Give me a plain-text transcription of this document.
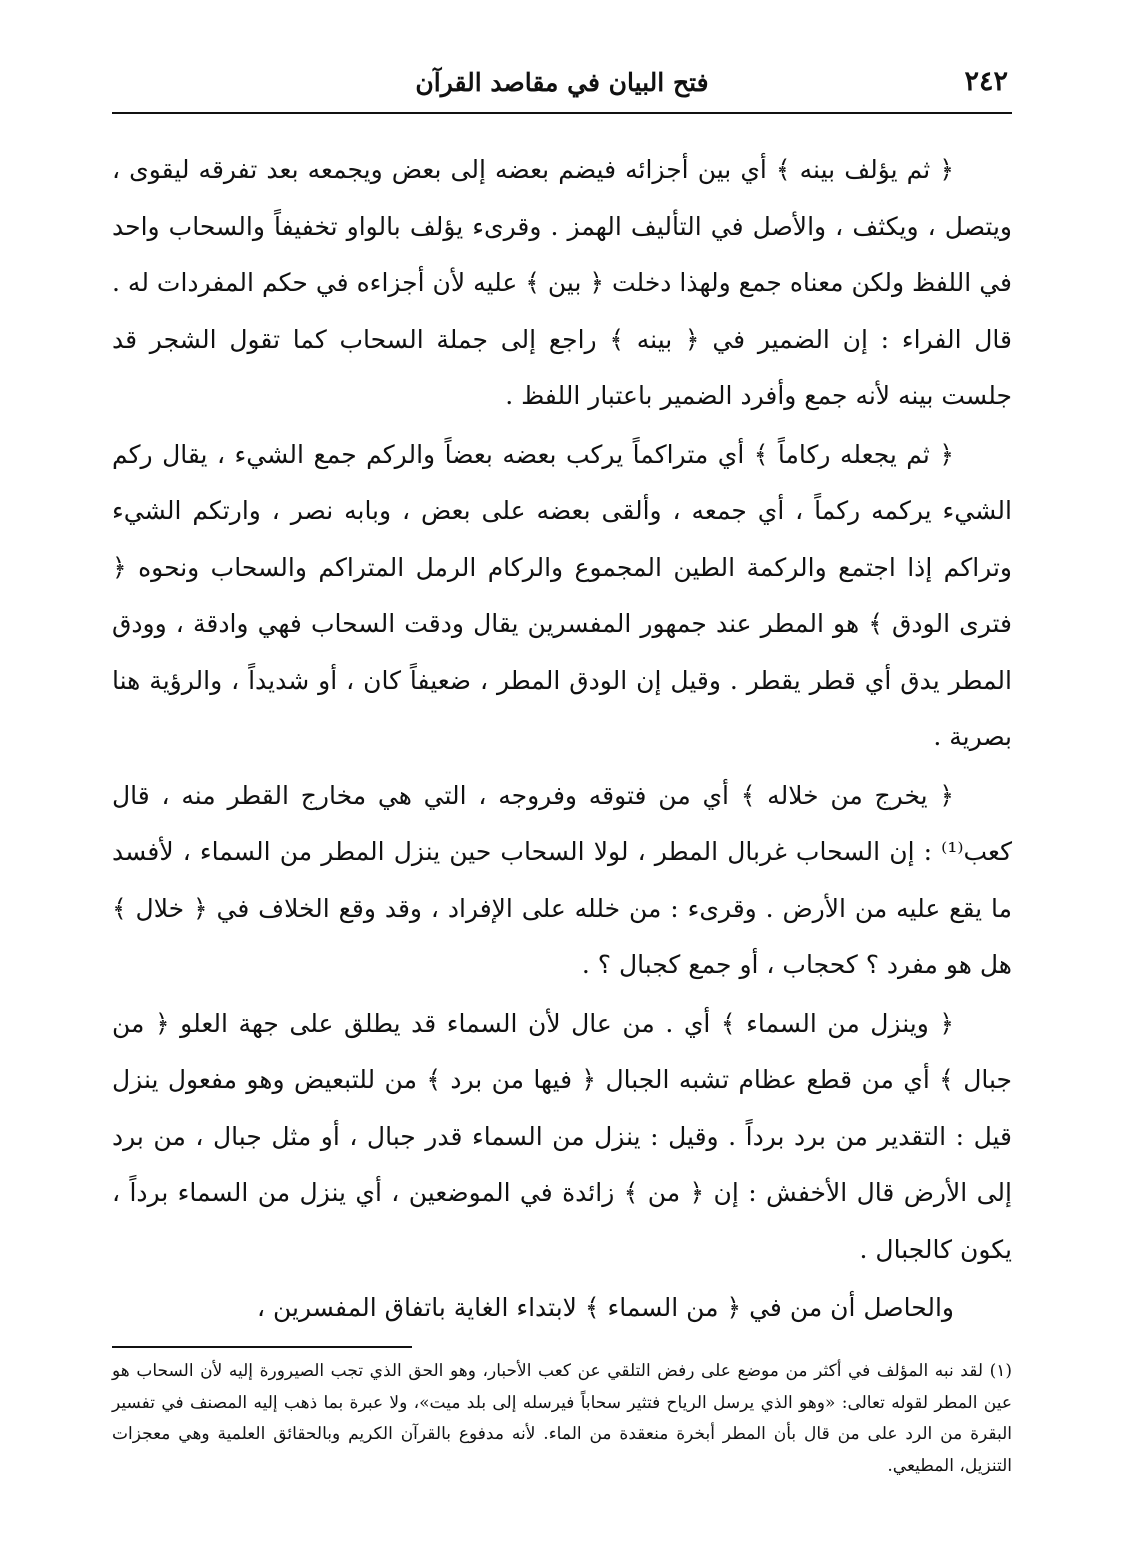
٢٤٢
فتح البيان في مقاصد القرآن

﴿ ثم يؤلف بينه ﴾ أي بين أجزائه فيضم بعضه إلى بعض ويجمعه بعد تفرقه ليقوى ، ويتصل ، ويكثف ، والأصل في التأليف الهمز . وقرىء يؤلف بالواو تخفيفاً والسحاب واحد في اللفظ ولكن معناه جمع ولهذا دخلت ﴿ بين ﴾ عليه لأن أجزاءه في حكم المفردات له . قال الفراء : إن الضمير في ﴿ بينه ﴾ راجع إلى جملة السحاب كما تقول الشجر قد جلست بينه لأنه جمع وأفرد الضمير باعتبار اللفظ .

﴿ ثم يجعله ركاماً ﴾ أي متراكماً يركب بعضه بعضاً والركم جمع الشيء ، يقال ركم الشيء يركمه ركماً ، أي جمعه ، وألقى بعضه على بعض ، وبابه نصر ، وارتكم الشيء وتراكم إذا اجتمع والركمة الطين المجموع والركام الرمل المتراكم والسحاب ونحوه ﴿ فترى الودق ﴾ هو المطر عند جمهور المفسرين يقال ودقت السحاب فهي وادقة ، وودق المطر يدق أي قطر يقطر . وقيل إن الودق المطر ، ضعيفاً كان ، أو شديداً ، والرؤية هنا بصرية .

﴿ يخرج من خلاله ﴾ أي من فتوقه وفروجه ، التي هي مخارج القطر منه ، قال كعب⁽¹⁾ : إن السحاب غربال المطر ، لولا السحاب حين ينزل المطر من السماء ، لأفسد ما يقع عليه من الأرض . وقرىء : من خلله على الإفراد ، وقد وقع الخلاف في ﴿ خلال ﴾ هل هو مفرد ؟ كحجاب ، أو جمع كجبال ؟ .

﴿ وينزل من السماء ﴾ أي . من عال لأن السماء قد يطلق على جهة العلو ﴿ من جبال ﴾ أي من قطع عظام تشبه الجبال ﴿ فيها من برد ﴾ من للتبعيض وهو مفعول ينزل قيل : التقدير من برد برداً . وقيل : ينزل من السماء قدر جبال ، أو مثل جبال ، من برد إلى الأرض قال الأخفش : إن ﴿ من ﴾ زائدة في الموضعين ، أي ينزل من السماء برداً ، يكون كالجبال .

والحاصل أن من في ﴿ من السماء ﴾ لابتداء الغاية باتفاق المفسرين ،

(١) لقد نبه المؤلف في أكثر من موضع على رفض التلقي عن كعب الأحبار، وهو الحق الذي تجب الصيرورة إليه لأن السحاب هو عين المطر لقوله تعالى: «وهو الذي يرسل الرياح فتثير سحاباً فيرسله إلى بلد ميت»، ولا عبرة بما ذهب إليه المصنف في تفسير البقرة من الرد على من قال بأن المطر أبخرة منعقدة من الماء. لأنه مدفوع بالقرآن الكريم وبالحقائق العلمية وهي معجزات التنزيل، المطيعي.
